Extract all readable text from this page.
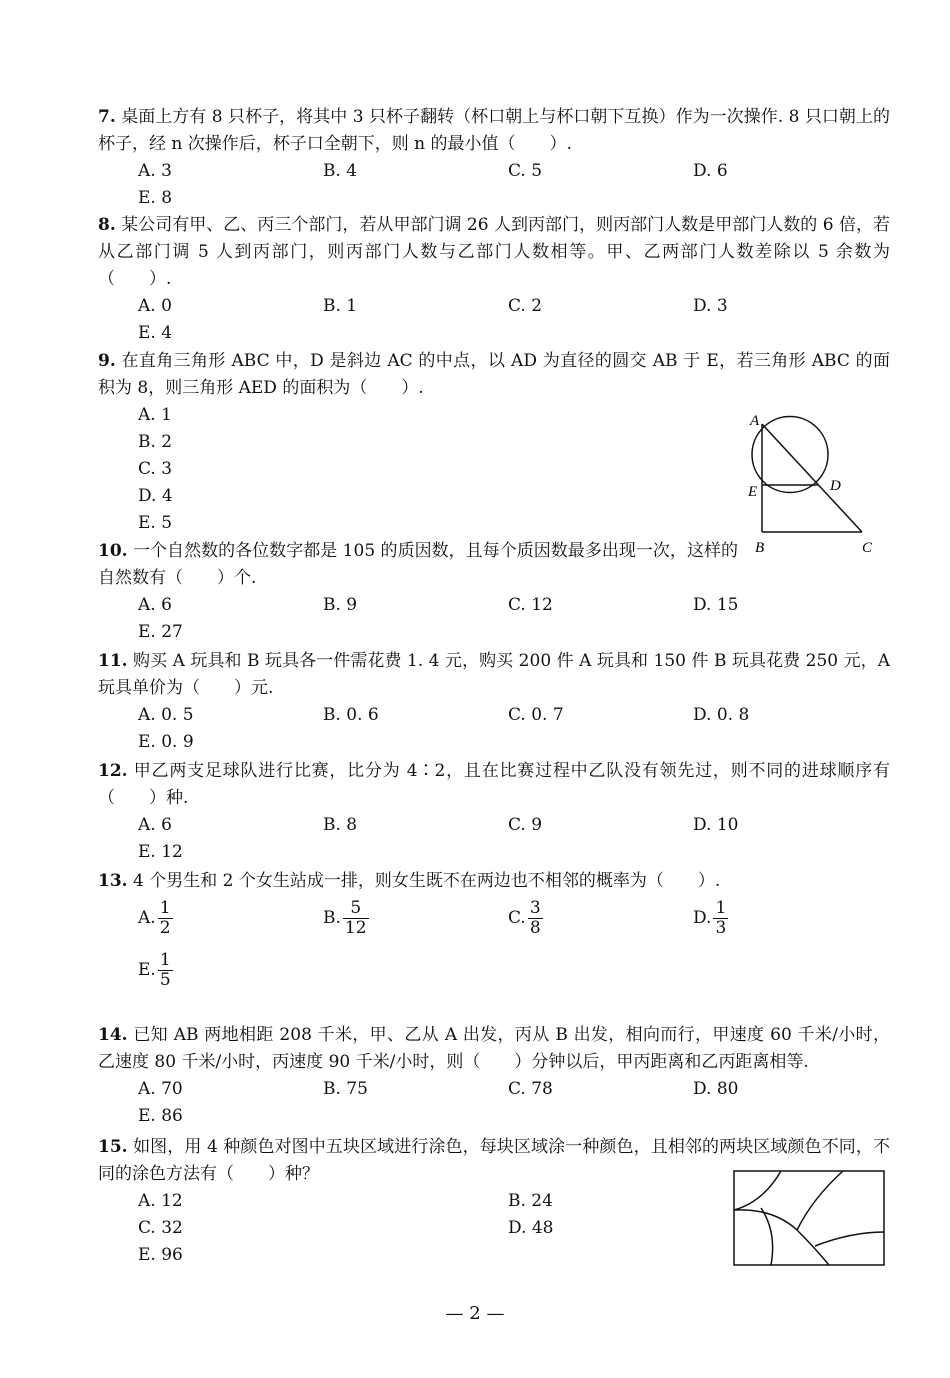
7. 桌面上方有 8 只杯子，将其中 3 只杯子翻转（杯口朝上与杯口朝下互换）作为一次操作. 8 只口朝上的杯子，经 n 次操作后，杯子口全朝下，则 n 的最小值（　　）.
A. 3	B. 4	C. 5	D. 6
E. 8
8. 某公司有甲、乙、丙三个部门，若从甲部门调 26 人到丙部门，则丙部门人数是甲部门人数的 6 倍，若从乙部门调 5 人到丙部门，则丙部门人数与乙部门人数相等。甲、乙两部门人数差除以 5 余数为（　　）.
A. 0	B. 1	C. 2	D. 3
E. 4
9. 在直角三角形 ABC 中，D 是斜边 AC 的中点，以 AD 为直径的圆交 AB 于 E，若三角形 ABC 的面积为 8，则三角形 AED 的面积为（　　）.
A. 1
B. 2
C. 3
D. 4
E. 5
A
E	D
B	C
10. 一个自然数的各位数字都是 105 的质因数，且每个质因数最多出现一次，这样的自然数有（　　）个.
A. 6	B. 9	C. 12	D. 15
E. 27
11. 购买 A 玩具和 B 玩具各一件需花费 1. 4 元，购买 200 件 A 玩具和 150 件 B 玩具花费 250 元，A 玩具单价为（　　）元.
A. 0. 5	B. 0. 6	C. 0. 7	D. 0. 8
E. 0. 9
12. 甲乙两支足球队进行比赛，比分为 4∶2，且在比赛过程中乙队没有领先过，则不同的进球顺序有（　　）种.
A. 6	B. 8	C. 9	D. 10
E. 12
13. 4 个男生和 2 个女生站成一排，则女生既不在两边也不相邻的概率为（　　）.
A. $\frac{1}{2}$	B. $\frac{5}{12}$	C. $\frac{3}{8}$	D. $\frac{1}{3}$
E. $\frac{1}{5}$
14. 已知 AB 两地相距 208 千米，甲、乙从 A 出发，丙从 B 出发，相向而行，甲速度 60 千米/小时，乙速度 80 千米/小时，丙速度 90 千米/小时，则（　　）分钟以后，甲丙距离和乙丙距离相等.
A. 70	B. 75	C. 78	D. 80
E. 86
15. 如图，用 4 种颜色对图中五块区域进行涂色，每块区域涂一种颜色，且相邻的两块区域颜色不同，不同的涂色方法有（　　）种？
A. 12	B. 24
C. 32	D. 48
E. 96
— 2 —
